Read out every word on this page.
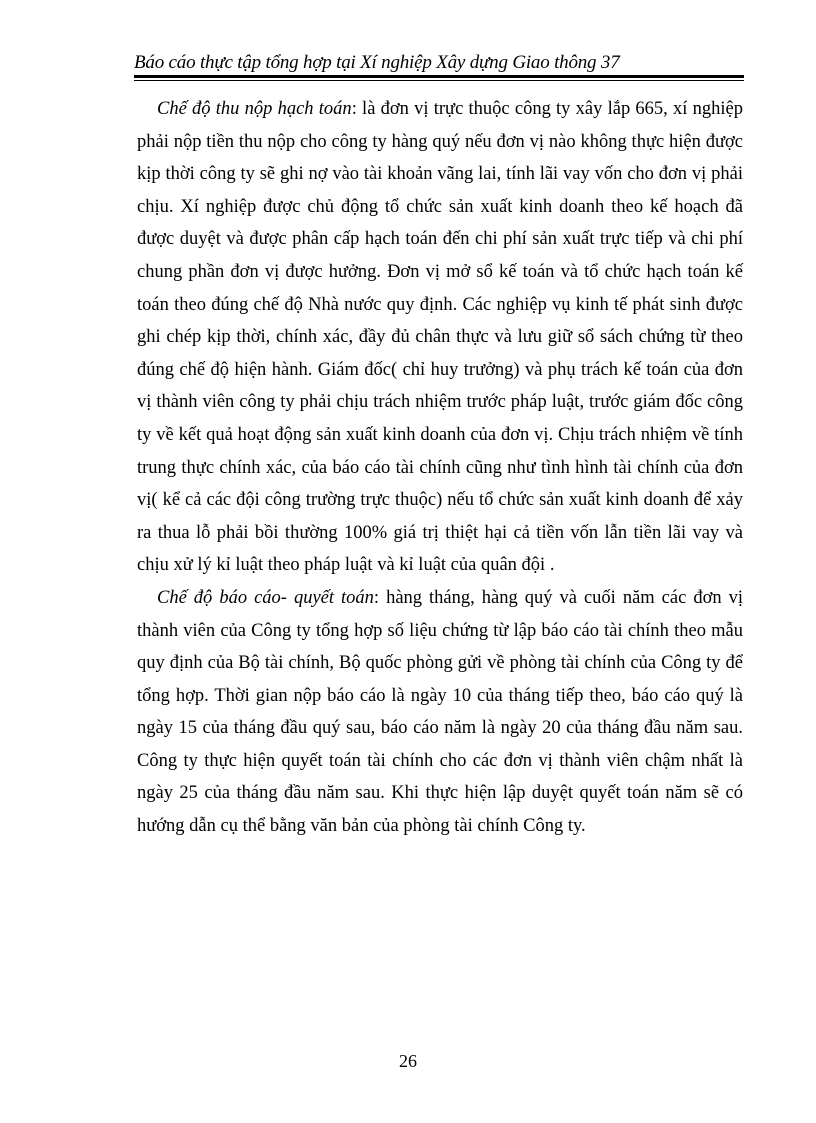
Báo cáo thực tập tổng hợp tại Xí nghiệp Xây dựng Giao thông 37

Chế độ thu nộp hạch toán: là đơn vị trực thuộc công ty xây lắp 665, xí nghiệp phải nộp tiền thu nộp cho công ty hàng quý nếu đơn vị nào không thực hiện được kịp thời công ty sẽ ghi nợ vào tài khoản vãng lai, tính lãi vay vốn cho đơn vị phải chịu. Xí nghiệp được chủ động tổ chức sản xuất kinh doanh theo kế hoạch đã được duyệt và được phân cấp hạch toán đến chi phí sản xuất trực tiếp và chi phí chung phần đơn vị được hưởng. Đơn vị mở sổ kế toán và tổ chức hạch toán kế toán theo đúng chế độ Nhà nước quy định. Các nghiệp vụ kinh tế phát sinh được ghi chép kịp thời, chính xác, đầy đủ chân thực và lưu giữ sổ sách chứng từ theo đúng chế độ hiện hành. Giám đốc( chỉ huy trưởng) và phụ trách kế toán của đơn vị thành viên công ty phải chịu trách nhiệm trước pháp luật, trước giám đốc công ty về kết quả hoạt động sản xuất kinh doanh của đơn vị. Chịu trách nhiệm về tính trung thực chính xác, của báo cáo tài chính cũng như tình hình tài chính của đơn vị( kể cả các đội công trường trực thuộc) nếu tổ chức sản xuất kinh doanh để xảy ra thua lỗ phải bồi thường 100% giá trị thiệt hại cả tiền vốn lẫn tiền lãi vay và chịu xử lý kỉ luật theo pháp luật và kỉ luật của quân đội .

Chế độ báo cáo- quyết toán: hàng tháng, hàng quý và cuối năm các đơn vị thành viên của Công ty tổng hợp số liệu chứng từ lập báo cáo tài chính theo mẫu quy định của Bộ tài chính, Bộ quốc phòng gửi về phòng tài chính của Công ty để tổng hợp. Thời gian nộp báo cáo là ngày 10 của tháng tiếp theo, báo cáo quý là ngày 15 của tháng đầu quý sau, báo cáo năm là ngày 20 của tháng đầu năm sau. Công ty thực hiện quyết toán tài chính cho các đơn vị thành viên chậm nhất là ngày 25 của tháng đầu năm sau. Khi thực hiện lập duyệt quyết toán năm sẽ có hướng dẫn cụ thể bằng văn bản của phòng tài chính Công ty.

26
